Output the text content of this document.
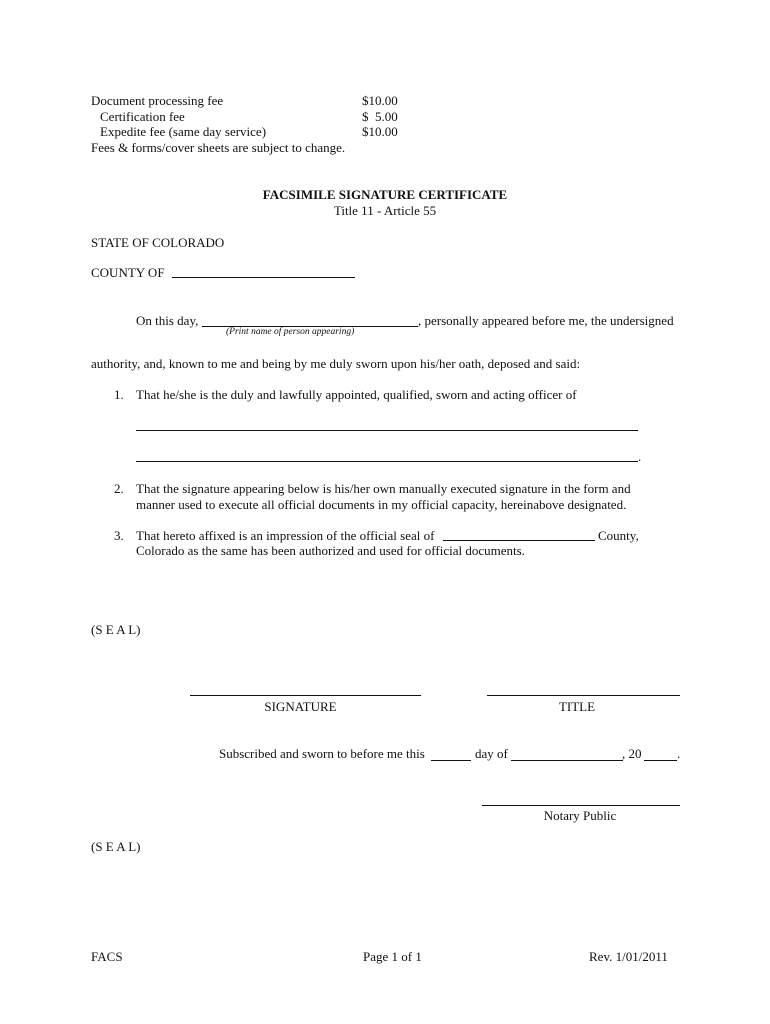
Document processing fee	$10.00
Certification fee	$  5.00
Expedite fee (same day service)	$10.00
Fees & forms/cover sheets are subject to change.
FACSIMILE SIGNATURE CERTIFICATE
Title 11 - Article 55
STATE OF COLORADO
COUNTY OF
On this day,	, personally appeared before me, the undersigned
(Print name of person appearing)
authority, and, known to me and being by me duly sworn upon his/her oath, deposed and said:
1. That he/she is the duly and lawfully appointed, qualified, sworn and acting officer of
.
2. That the signature appearing below is his/her own manually executed signature in the form and
manner used to execute all official documents in my official capacity, hereinabove designated.
3. That hereto affixed is an impression of the official seal of	County,
Colorado as the same has been authorized and used for official documents.
(S E A L)
SIGNATURE	TITLE
Subscribed and sworn to before me this	day of	, 20	.
Notary Public
(S E A L)
FACS	Page 1 of 1	Rev. 1/01/2011
